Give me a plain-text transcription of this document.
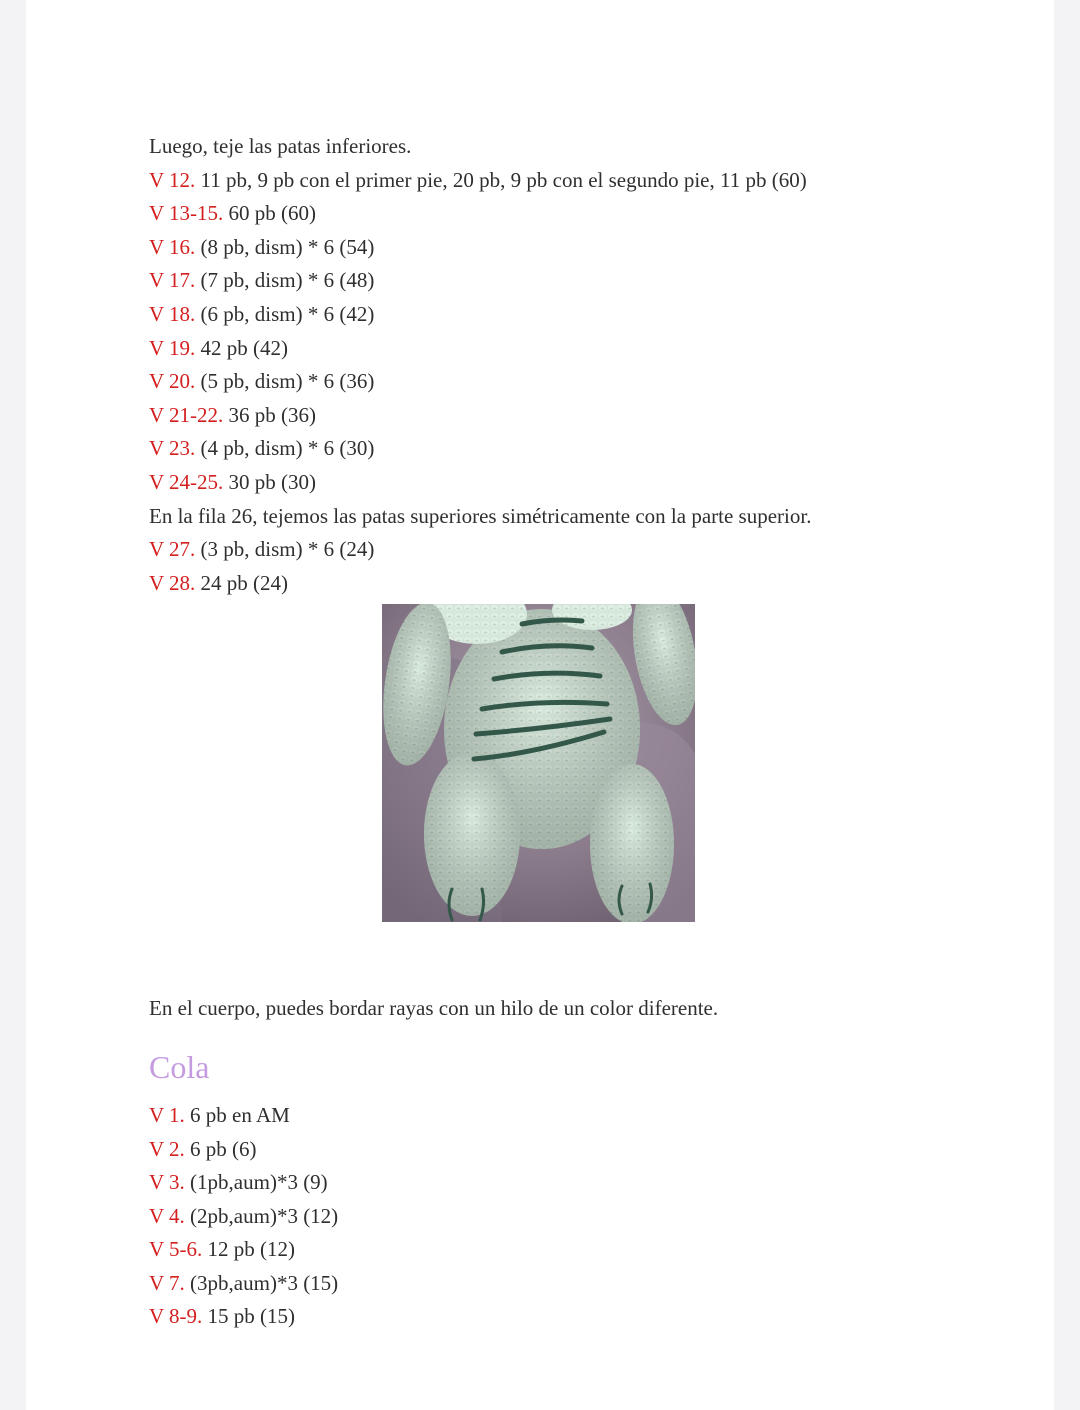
Luego, teje las patas inferiores.
V 12. 11 pb, 9 pb con el primer pie, 20 pb, 9 pb con el segundo pie, 11 pb (60)
V 13-15. 60 pb (60)
V 16. (8 pb, dism) * 6 (54)
V 17. (7 pb, dism) * 6 (48)
V 18. (6 pb, dism) * 6 (42)
V 19. 42 pb (42)
V 20. (5 pb, dism) * 6 (36)
V 21-22. 36 pb (36)
V 23. (4 pb, dism) * 6 (30)
V 24-25. 30 pb (30)
En la fila 26, tejemos las patas superiores simétricamente con la parte superior.
V 27. (3 pb, dism) * 6 (24)
V 28. 24 pb (24)
En el cuerpo, puedes bordar rayas con un hilo de un color diferente.
Cola
V 1. 6 pb en AM
V 2. 6 pb (6)
V 3. (1pb,aum)*3 (9)
V 4. (2pb,aum)*3 (12)
V 5-6. 12 pb (12)
V 7. (3pb,aum)*3 (15)
V 8-9. 15 pb (15)
